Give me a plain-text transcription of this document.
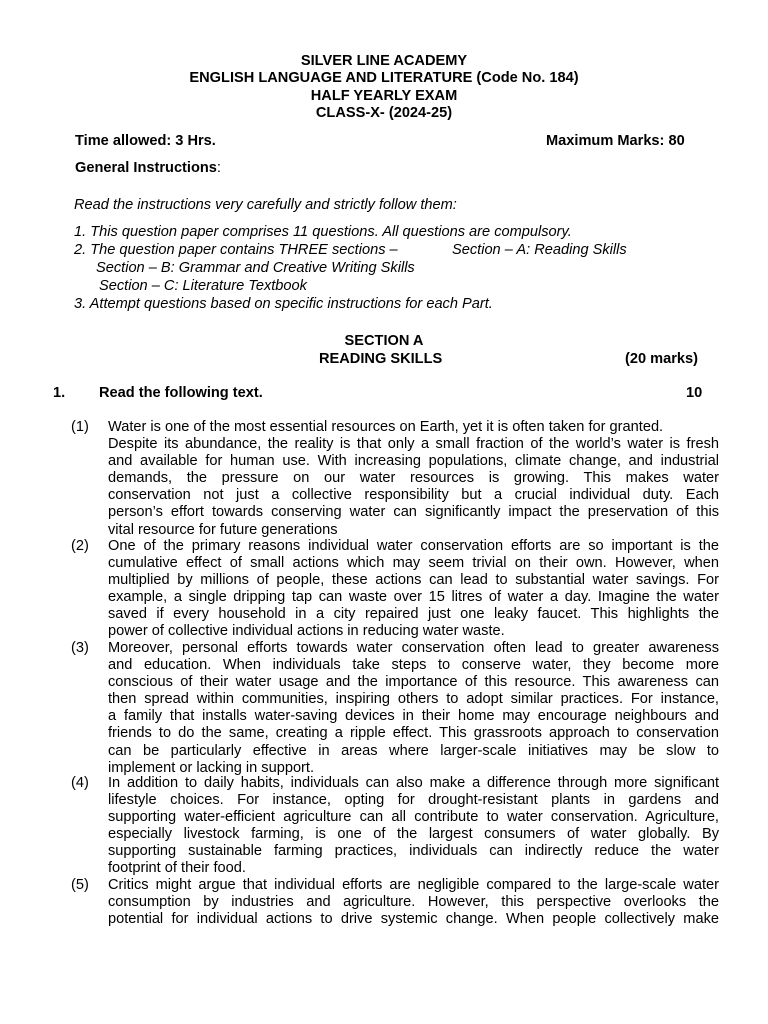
SILVER LINE ACADEMY
ENGLISH LANGUAGE AND LITERATURE (Code No. 184)
HALF YEARLY EXAM
CLASS-X- (2024-25)
Time allowed: 3 Hrs.	Maximum Marks: 80
General Instructions:
Read the instructions very carefully and strictly follow them:
1. This question paper comprises 11 questions. All questions are compulsory.
2. The question paper contains THREE sections –	Section – A: Reading Skills
Section – B: Grammar and Creative Writing Skills
Section – C: Literature Textbook
3. Attempt questions based on specific instructions for each Part.
SECTION A
READING SKILLS	(20 marks)
1. Read the following text.	10
(1) Water is one of the most essential resources on Earth, yet it is often taken for granted.
Despite its abundance, the reality is that only a small fraction of the world’s water is fresh
and available for human use. With increasing populations, climate change, and industrial
demands, the pressure on our water resources is growing. This makes water
conservation not just a collective responsibility but a crucial individual duty. Each
person’s effort towards conserving water can significantly impact the preservation of this
vital resource for future generations
(2) One of the primary reasons individual water conservation efforts are so important is the
cumulative effect of small actions which may seem trivial on their own. However, when
multiplied by millions of people, these actions can lead to substantial water savings. For
example, a single dripping tap can waste over 15 litres of water a day. Imagine the water
saved if every household in a city repaired just one leaky faucet. This highlights the
power of collective individual actions in reducing water waste.
(3) Moreover, personal efforts towards water conservation often lead to greater awareness
and education. When individuals take steps to conserve water, they become more
conscious of their water usage and the importance of this resource. This awareness can
then spread within communities, inspiring others to adopt similar practices. For instance,
a family that installs water-saving devices in their home may encourage neighbours and
friends to do the same, creating a ripple effect. This grassroots approach to conservation
can be particularly effective in areas where larger-scale initiatives may be slow to
implement or lacking in support.
(4) In addition to daily habits, individuals can also make a difference through more significant
lifestyle choices. For instance, opting for drought-resistant plants in gardens and
supporting water-efficient agriculture can all contribute to water conservation. Agriculture,
especially livestock farming, is one of the largest consumers of water globally. By
supporting sustainable farming practices, individuals can indirectly reduce the water
footprint of their food.
(5) Critics might argue that individual efforts are negligible compared to the large-scale water
consumption by industries and agriculture. However, this perspective overlooks the
potential for individual actions to drive systemic change. When people collectively make
